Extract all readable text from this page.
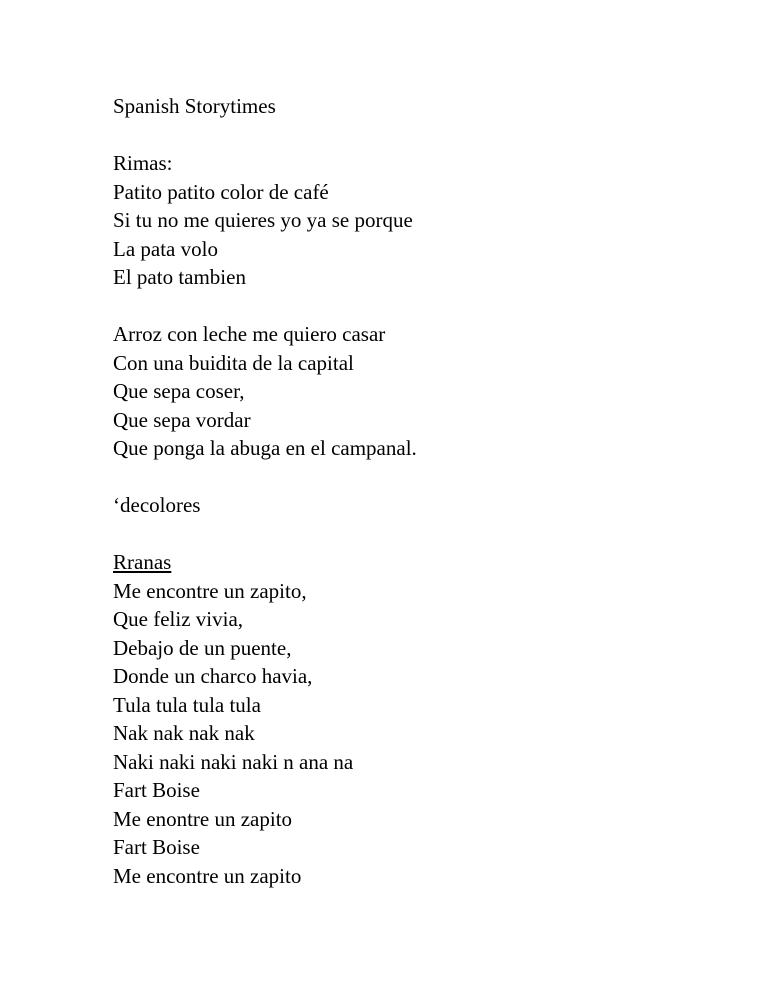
Spanish Storytimes
Rimas:
Patito patito color de café
Si tu no me quieres yo ya se porque
La pata volo
El pato tambien
Arroz con leche me quiero casar
Con una buidita de la capital
Que sepa coser,
Que sepa vordar
Que ponga la abuga en el campanal.
‘decolores
Rranas
Me encontre un zapito,
Que feliz vivia,
Debajo de un puente,
Donde un charco havia,
Tula tula tula tula
Nak nak nak nak
Naki naki naki naki n ana na
Fart Boise
Me enontre un zapito
Fart Boise
Me encontre un zapito
